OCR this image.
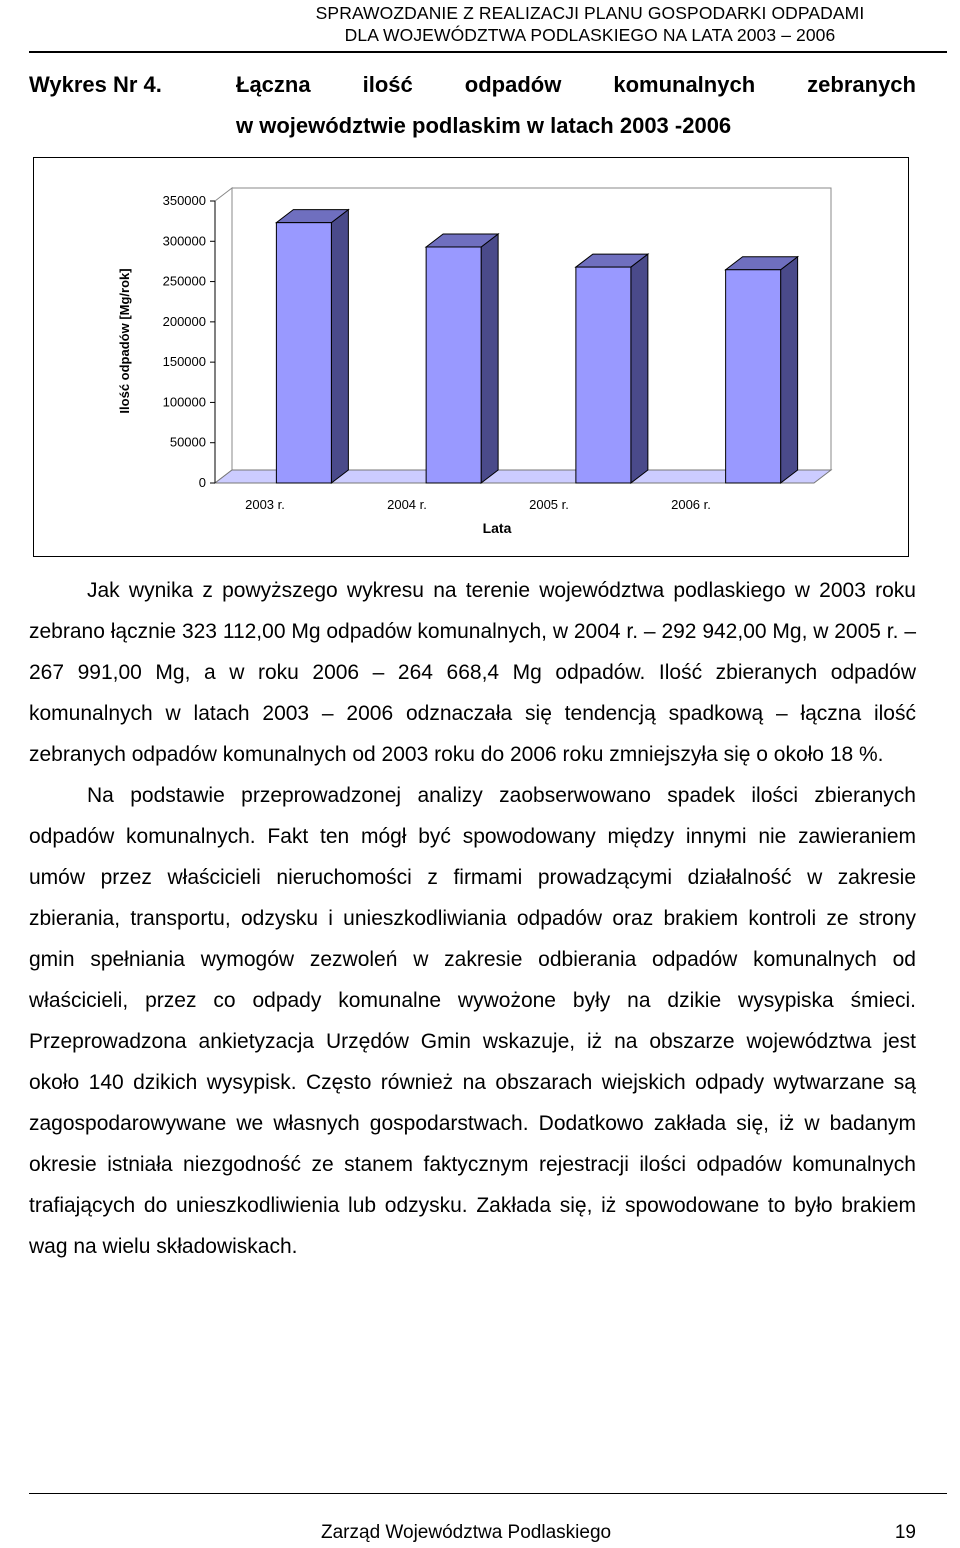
SPRAWOZDANIE Z REALIZACJI PLANU GOSPODARKI ODPADAMI
DLA WOJEWÓDZTWA PODLASKIEGO NA LATA 2003 – 2006
Wykres Nr 4.	Łączna ilość odpadów komunalnych zebranych
w województwie podlaskim w latach 2003 -2006
0
50000
100000
150000
200000
250000
300000
350000
2003 r.	2004 r.	2005 r.	2006 r.
Lata
Ilość odpadów [Mg/rok]

Jak wynika z powyższego wykresu na terenie województwa podlaskiego w 2003 roku zebrano łącznie 323 112,00 Mg odpadów komunalnych, w 2004 r. – 292 942,00 Mg, w 2005 r. – 267 991,00 Mg, a w roku 2006 – 264 668,4 Mg odpadów. Ilość zbieranych odpadów komunalnych w latach 2003 – 2006 odznaczała się tendencją spadkową – łączna ilość zebranych odpadów komunalnych od 2003 roku do 2006 roku zmniejszyła się o około 18 %.

Na podstawie przeprowadzonej analizy zaobserwowano spadek ilości zbieranych odpadów komunalnych. Fakt ten mógł być spowodowany między innymi nie zawieraniem umów przez właścicieli nieruchomości z firmami prowadzącymi działalność w zakresie zbierania, transportu, odzysku i unieszkodliwiania odpadów oraz brakiem kontroli ze strony gmin spełniania wymogów zezwoleń w zakresie odbierania odpadów komunalnych od właścicieli, przez co odpady komunalne wywożone były na dzikie wysypiska śmieci. Przeprowadzona ankietyzacja Urzędów Gmin wskazuje, iż na obszarze województwa jest około 140 dzikich wysypisk. Często również na obszarach wiejskich odpady wytwarzane są zagospodarowywane we własnych gospodarstwach. Dodatkowo zakłada się, iż w badanym okresie istniała niezgodność ze stanem faktycznym rejestracji ilości odpadów komunalnych trafiających do unieszkodliwienia lub odzysku. Zakłada się, iż spowodowane to było brakiem wag na wielu składowiskach.

Zarząd Województwa Podlaskiego	19
